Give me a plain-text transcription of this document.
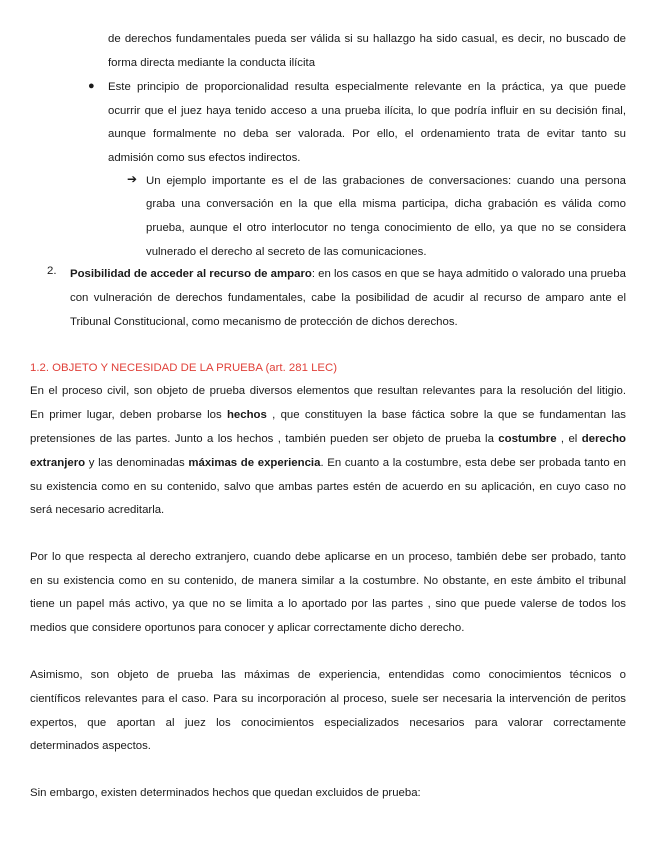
de derechos fundamentales pueda ser válida si su hallazgo ha sido casual, es decir, no buscado de
forma directa mediante la conducta ilícita
● Este principio de proporcionalidad resulta especialmente relevante en la práctica, ya que puede
ocurrir que el juez haya tenido acceso a una prueba ilícita, lo que podría influir en su decisión final,
aunque formalmente no deba ser valorada. Por ello, el ordenamiento trata de evitar tanto su
admisión como sus efectos indirectos.
➔ Un ejemplo importante es el de las grabaciones de conversaciones: cuando una persona
graba una conversación en la que ella misma participa, dicha grabación es válida como
prueba, aunque el otro interlocutor no tenga conocimiento de ello, ya que no se considera
vulnerado el derecho al secreto de las comunicaciones.
2. Posibilidad de acceder al recurso de amparo: en los casos en que se haya admitido o valorado una prueba
con vulneración de derechos fundamentales, cabe la posibilidad de acudir al recurso de amparo ante el
Tribunal Constitucional, como mecanismo de protección de dichos derechos.
1.2. OBJETO Y NECESIDAD DE LA PRUEBA (art. 281 LEC)
En el proceso civil, son objeto de prueba diversos elementos que resultan relevantes para la resolución del litigio.
En primer lugar, deben probarse los hechos , que constituyen la base fáctica sobre la que se fundamentan las
pretensiones de las partes. Junto a los hechos , también pueden ser objeto de prueba la costumbre , el derecho
extranjero y las denominadas máximas de experiencia. En cuanto a la costumbre, esta debe ser probada tanto en
su existencia como en su contenido, salvo que ambas partes estén de acuerdo en su aplicación, en cuyo caso no
será necesario acreditarla.
Por lo que respecta al derecho extranjero, cuando debe aplicarse en un proceso, también debe ser probado, tanto
en su existencia como en su contenido, de manera similar a la costumbre. No obstante, en este ámbito el tribunal
tiene un papel más activo, ya que no se limita a lo aportado por las partes , sino que puede valerse de todos los
medios que considere oportunos para conocer y aplicar correctamente dicho derecho.
Asimismo, son objeto de prueba las máximas de experiencia, entendidas como conocimientos técnicos o
científicos relevantes para el caso. Para su incorporación al proceso, suele ser necesaria la intervención de peritos
expertos, que aportan al juez los conocimientos especializados necesarios para valorar correctamente
determinados aspectos.
Sin embargo, existen determinados hechos que quedan excluidos de prueba:
